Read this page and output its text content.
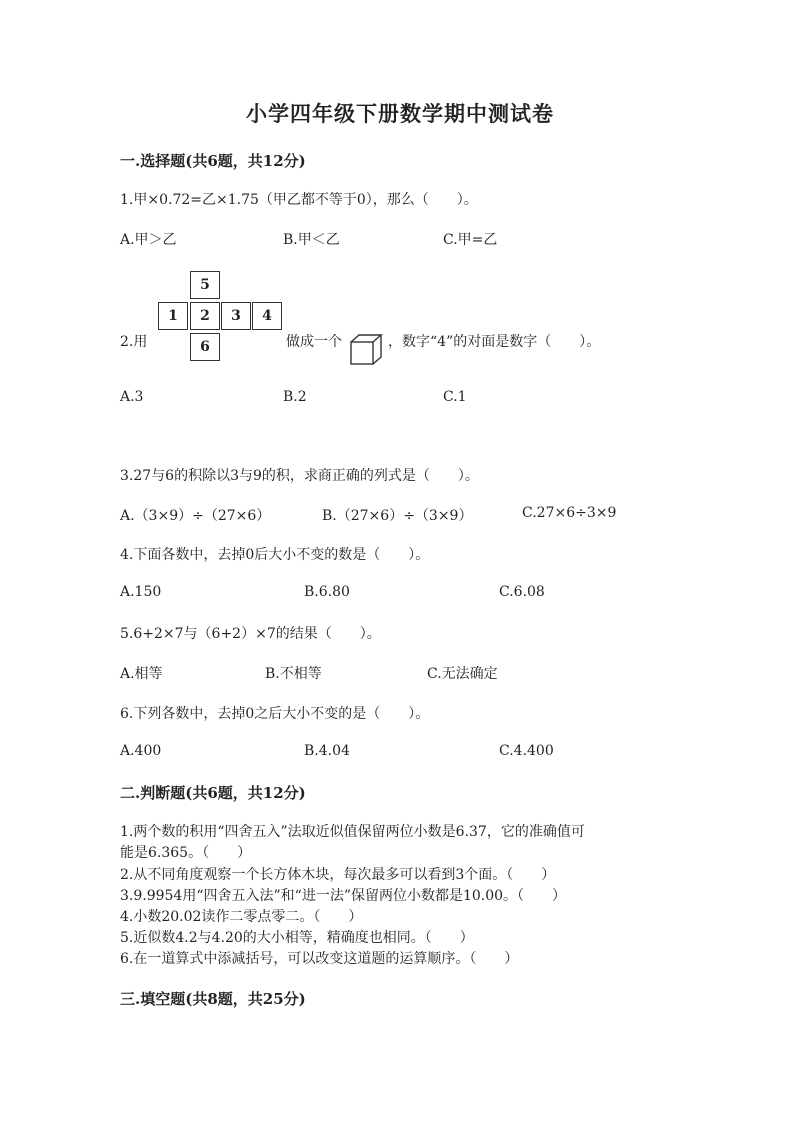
小学四年级下册数学期中测试卷
一.选择题(共6题，共12分)
1.甲×0.72=乙×1.75（甲乙都不等于0），那么（　　）。
A.甲＞乙	B.甲＜乙	C.甲=乙
2.用
5
1	2	3	4
6	做成一个	，数字“4”的对面是数字（　　）。
A.3	B.2	C.1
3.27与6的积除以3与9的积，求商正确的列式是（　　）。
A.（3×9）÷（27×6）	B.（27×6）÷（3×9）	C.27×6÷3×9
4.下面各数中，去掉0后大小不变的数是（　　）。
A.150	B.6.80	C.6.08
5.6+2×7与（6+2）×7的结果（　　）。
A.相等	B.不相等	C.无法确定
6.下列各数中，去掉0之后大小不变的是（　　）。
A.400	B.4.04	C.4.400
二.判断题(共6题，共12分)
1.两个数的积用“四舍五入”法取近似值保留两位小数是6.37，它的准确值可
能是6.365。（　　）
2.从不同角度观察一个长方体木块，每次最多可以看到3个面。（　　）
3.9.9954用“四舍五入法”和“进一法”保留两位小数都是10.00。（　　）
4.小数20.02读作二零点零二。（　　）
5.近似数4.2与4.20的大小相等，精确度也相同。（　　）
6.在一道算式中添减括号，可以改变这道题的运算顺序。（　　）
三.填空题(共8题，共25分)
